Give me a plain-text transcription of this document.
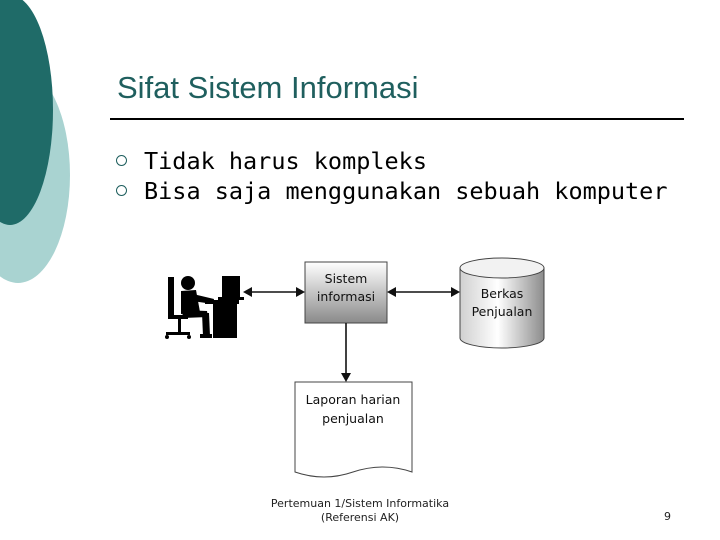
Sifat Sistem Informasi
Tidak harus kompleks
Bisa saja menggunakan sebuah komputer
Sistem
informasi	Berkas
Penjualan
Laporan harian
penjualan
Pertemuan 1/Sistem Informatika
(Referensi AK)	9
